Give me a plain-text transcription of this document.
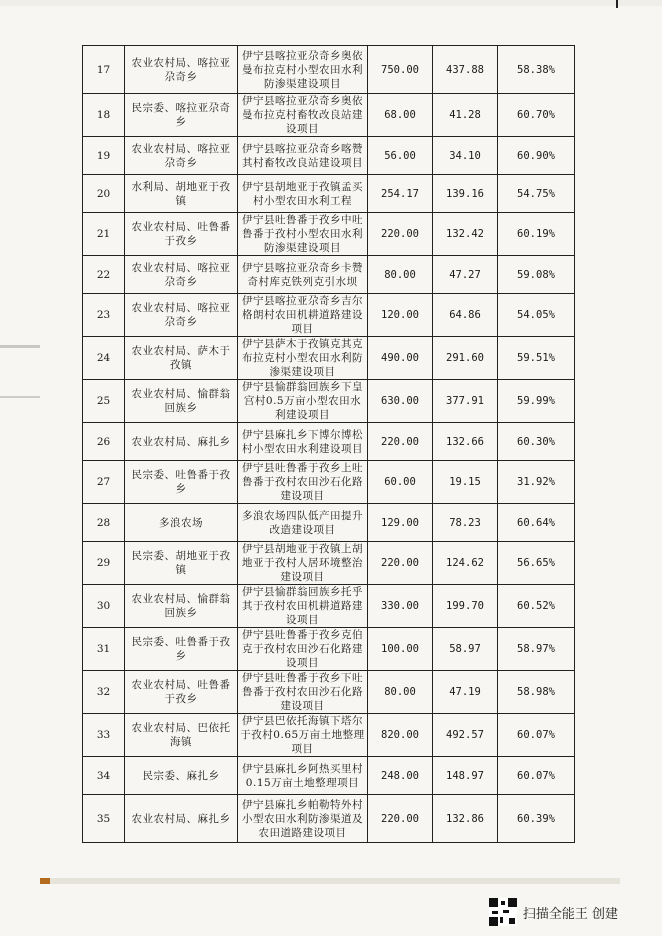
17	农业农村局、喀拉亚尕奇乡	伊宁县喀拉亚尕奇乡奥依曼布拉克村小型农田水利防渗渠建设项目	750.00	437.88	58.38%
18	民宗委、喀拉亚尕奇乡	伊宁县喀拉亚尕奇乡奥依曼布拉克村畜牧改良站建设项目	68.00	41.28	60.70%
19	农业农村局、喀拉亚尕奇乡	伊宁县喀拉亚尕奇乡喀赞其村畜牧改良站建设项目	56.00	34.10	60.90%
20	水利局、胡地亚于孜镇	伊宁县胡地亚于孜镇孟买村小型农田水利工程	254.17	139.16	54.75%
21	农业农村局、吐鲁番于孜乡	伊宁县吐鲁番于孜乡中吐鲁番于孜村小型农田水利防渗渠建设项目	220.00	132.42	60.19%
22	农业农村局、喀拉亚尕奇乡	伊宁县喀拉亚尕奇乡卡赞奇村库克铁列克引水坝	80.00	47.27	59.08%
23	农业农村局、喀拉亚尕奇乡	伊宁县喀拉亚尕奇乡吉尔格朗村农田机耕道路建设项目	120.00	64.86	54.05%
24	农业农村局、萨木于孜镇	伊宁县萨木于孜镇克其克布拉克村小型农田水利防渗渠建设项目	490.00	291.60	59.51%
25	农业农村局、愉群翁回族乡	伊宁县愉群翁回族乡下皇宫村0.5万亩小型农田水利建设项目	630.00	377.91	59.99%
26	农业农村局、麻扎乡	伊宁县麻扎乡下博尔博松村小型农田水利建设项目	220.00	132.66	60.30%
27	民宗委、吐鲁番于孜乡	伊宁县吐鲁番于孜乡上吐鲁番于孜村农田沙石化路建设项目	60.00	19.15	31.92%
28	多浪农场	多浪农场四队低产田提升改造建设项目	129.00	78.23	60.64%
29	民宗委、胡地亚于孜镇	伊宁县胡地亚于孜镇上胡地亚于孜村人居环境整治建设项目	220.00	124.62	56.65%
30	农业农村局、愉群翁回族乡	伊宁县愉群翁回族乡托乎其于孜村农田机耕道路建设项目	330.00	199.70	60.52%
31	民宗委、吐鲁番于孜乡	伊宁县吐鲁番于孜乡克伯克于孜村农田沙石化路建设项目	100.00	58.97	58.97%
32	农业农村局、吐鲁番于孜乡	伊宁县吐鲁番于孜乡下吐鲁番于孜村农田沙石化路建设项目	80.00	47.19	58.98%
33	农业农村局、巴依托海镇	伊宁县巴依托海镇下塔尔于孜村0.65万亩土地整理项目	820.00	492.57	60.07%
34	民宗委、麻扎乡	伊宁县麻扎乡阿热买里村0.15万亩土地整理项目	248.00	148.97	60.07%
35	农业农村局、麻扎乡	伊宁县麻扎乡帕勒特外村小型农田水利防渗渠道及农田道路建设项目	220.00	132.86	60.39%
扫描全能王 创建
